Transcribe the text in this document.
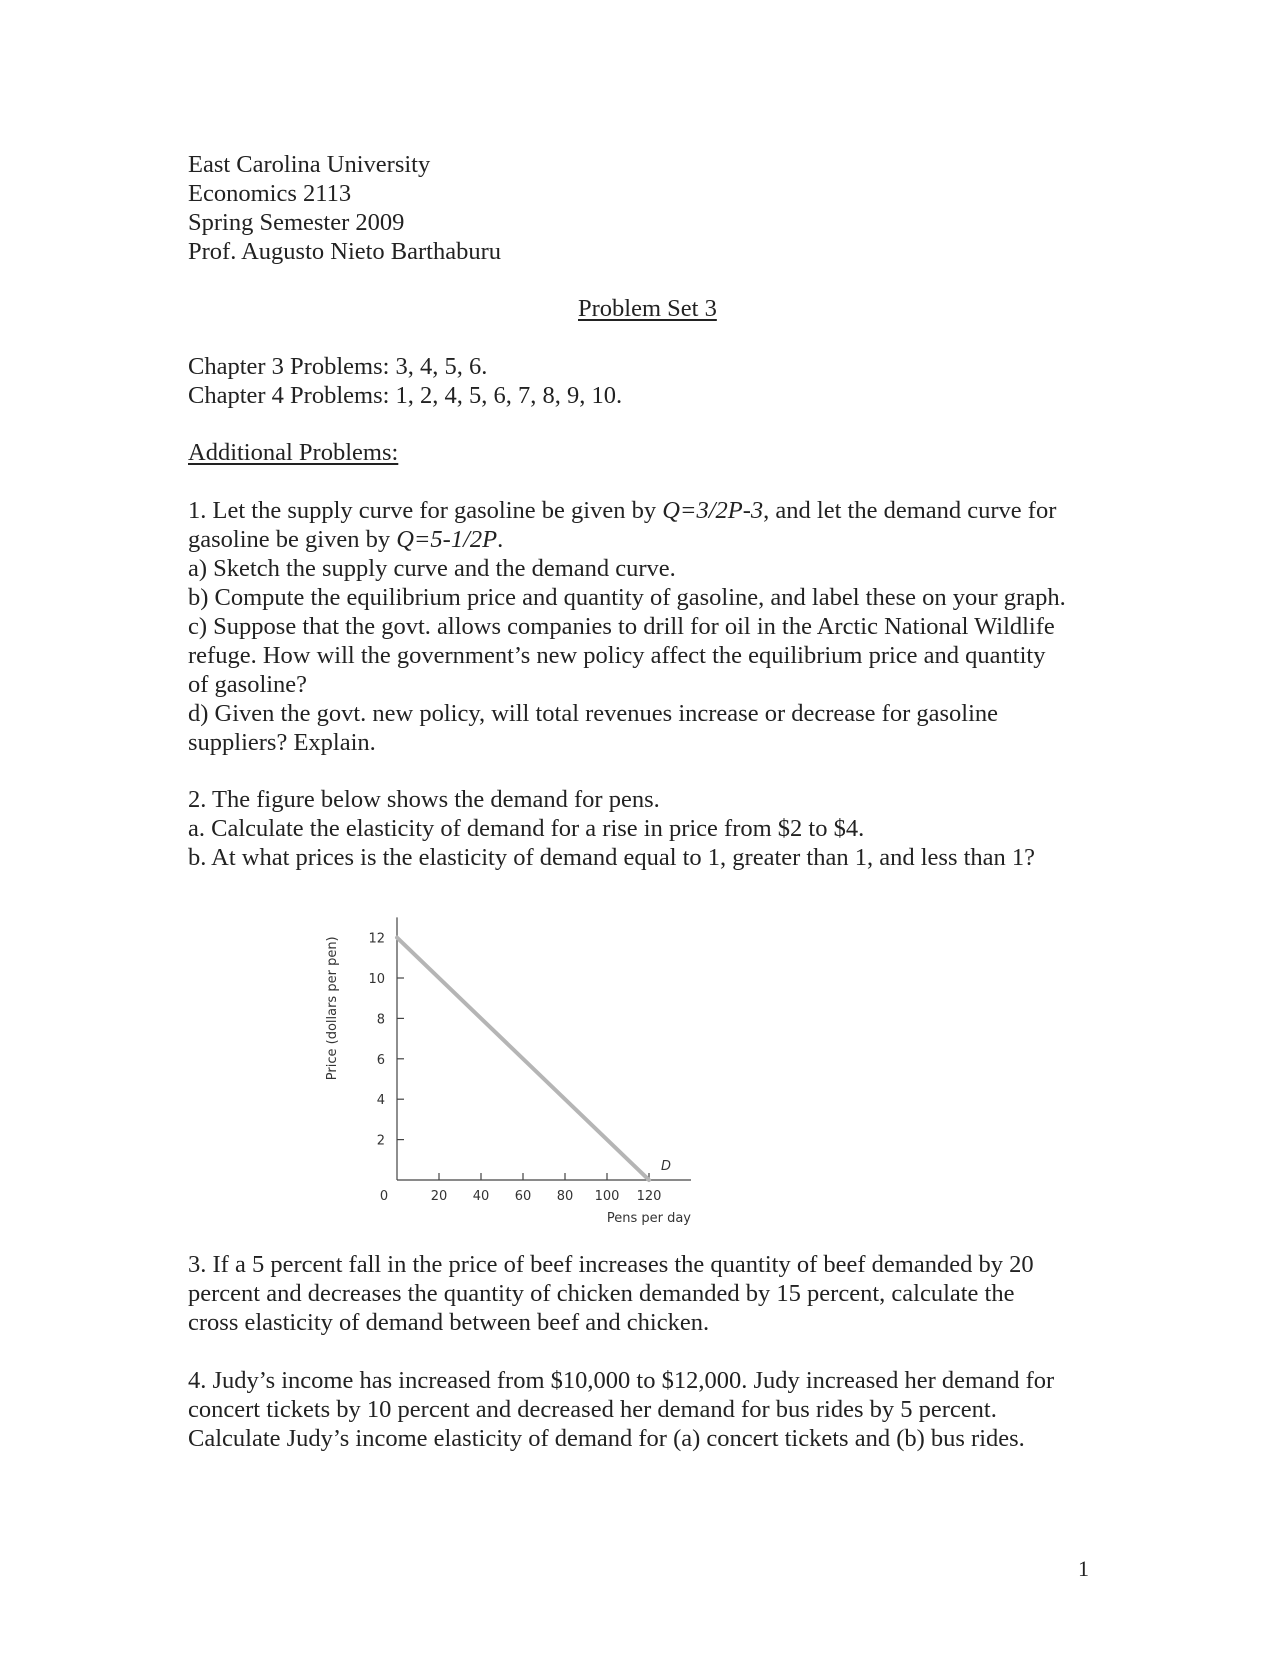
East Carolina University
Economics 2113
Spring Semester 2009
Prof. Augusto Nieto Barthaburu
Problem Set 3
Chapter 3 Problems: 3, 4, 5, 6.
Chapter 4 Problems: 1, 2, 4, 5, 6, 7, 8, 9, 10.
Additional Problems:
1. Let the supply curve for gasoline be given by Q=3/2P-3, and let the demand curve for
gasoline be given by Q=5-1/2P.
a) Sketch the supply curve and the demand curve.
b) Compute the equilibrium price and quantity of gasoline, and label these on your graph.
c) Suppose that the govt. allows companies to drill for oil in the Arctic National Wildlife
refuge. How will the government’s new policy affect the equilibrium price and quantity
of gasoline?
d) Given the govt. new policy, will total revenues increase or decrease for gasoline
suppliers? Explain.
2. The figure below shows the demand for pens.
a. Calculate the elasticity of demand for a rise in price from $2 to $4.
b. At what prices is the elasticity of demand equal to 1, greater than 1, and less than 1?
2
4
6
8
10
12
20 40 60 80 100 120
0
D
Pens per day
Price (dollars per pen)
3. If a 5 percent fall in the price of beef increases the quantity of beef demanded by 20
percent and decreases the quantity of chicken demanded by 15 percent, calculate the
cross elasticity of demand between beef and chicken.
4. Judy’s income has increased from $10,000 to $12,000. Judy increased her demand for
concert tickets by 10 percent and decreased her demand for bus rides by 5 percent.
Calculate Judy’s income elasticity of demand for (a) concert tickets and (b) bus rides.
1
